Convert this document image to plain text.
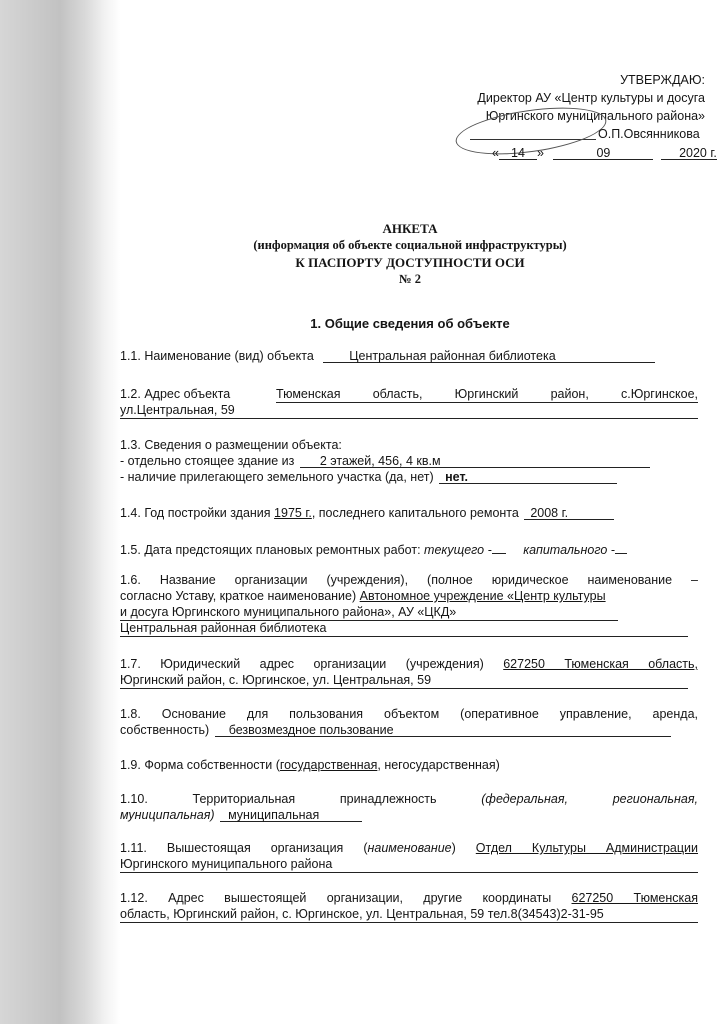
УТВЕРЖДАЮ:
Директор АУ «Центр культуры и досуга
Юргинского муниципального района»
О.П.Овсянникова
« 14 »	09	2020 г.
АНКЕТА
(информация об объекте социальной инфраструктуры)
К ПАСПОРТУ ДОСТУПНОСТИ ОСИ
№ 2
1. Общие сведения об объекте
1.1. Наименование (вид) объекта	Центральная районная библиотека
1.2. Адрес объекта	Тюменская область, Юргинский район, с.Юргинское,
ул.Центральная, 59
1.3. Сведения о размещении объекта:
- отдельно стоящее здание из 2 этажей, 456, 4 кв.м
- наличие прилегающего земельного участка (да, нет) нет.
1.4. Год постройки здания 1975 г., последнего капитального ремонта 2008 г.
1.5. Дата предстоящих плановых ремонтных работ: текущего -	капитального -
1.6. Название организации (учреждения), (полное юридическое наименование –
согласно Уставу, краткое наименование) Автономное учреждение «Центр культуры
и досуга Юргинского муниципального района», АУ «ЦКД»
Центральная районная библиотека
1.7. Юридический адрес организации (учреждения) 627250 Тюменская область,
Юргинский район, с. Юргинское, ул. Центральная, 59
1.8. Основание для пользования объектом (оперативное управление, аренда,
собственность) безвозмездное пользование
1.9. Форма собственности (государственная, негосударственная)
1.10.	Территориальная	принадлежность	(федеральная,	региональная,
муниципальная) муниципальная
1.11. Вышестоящая организация (наименование) Отдел Культуры Администрации
Юргинского муниципального района
1.12. Адрес вышестоящей организации, другие координаты 627250 Тюменская
область, Юргинский район, с. Юргинское, ул. Центральная, 59 тел.8(34543)2-31-95
